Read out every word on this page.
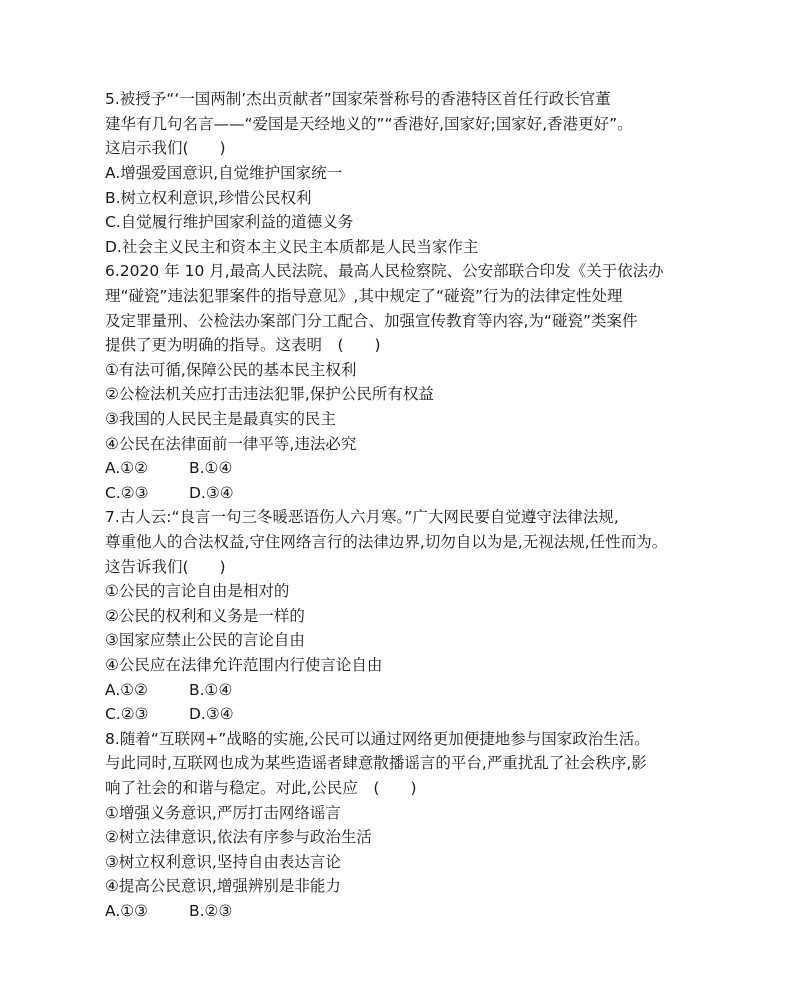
5.被授予“‘一国两制’杰出贡献者”国家荣誉称号的香港特区首任行政长官董
建华有几句名言——“爱国是天经地义的”“香港好,国家好;国家好,香港更好”。
这启示我们(　　)
A.增强爱国意识,自觉维护国家统一
B.树立权利意识,珍惜公民权利
C.自觉履行维护国家利益的道德义务
D.社会主义民主和资本主义民主本质都是人民当家作主
6.2020 年 10 月,最高人民法院、最高人民检察院、公安部联合印发《关于依法办
理“碰瓷”违法犯罪案件的指导意见》,其中规定了“碰瓷”行为的法律定性处理
及定罪量刑、公检法办案部门分工配合、加强宣传教育等内容,为“碰瓷”类案件
提供了更为明确的指导。这表明　(　　)
①有法可循,保障公民的基本民主权利
②公检法机关应打击违法犯罪,保护公民所有权益
③我国的人民民主是最真实的民主
④公民在法律面前一律平等,违法必究
A.①②	B.①④
C.②③	D.③④
7.古人云:“良言一句三冬暖恶语伤人六月寒。”广大网民要自觉遵守法律法规,
尊重他人的合法权益,守住网络言行的法律边界,切勿自以为是,无视法规,任性而为。
这告诉我们(　　)
①公民的言论自由是相对的
②公民的权利和义务是一样的
③国家应禁止公民的言论自由
④公民应在法律允许范围内行使言论自由
A.①②	B.①④
C.②③	D.③④
8.随着“互联网+”战略的实施,公民可以通过网络更加便捷地参与国家政治生活。
与此同时,互联网也成为某些造谣者肆意散播谣言的平台,严重扰乱了社会秩序,影
响了社会的和谐与稳定。对此,公民应　(　　)
①增强义务意识,严厉打击网络谣言
②树立法律意识,依法有序参与政治生活
③树立权利意识,坚持自由表达言论
④提高公民意识,增强辨别是非能力
A.①③	B.②③
